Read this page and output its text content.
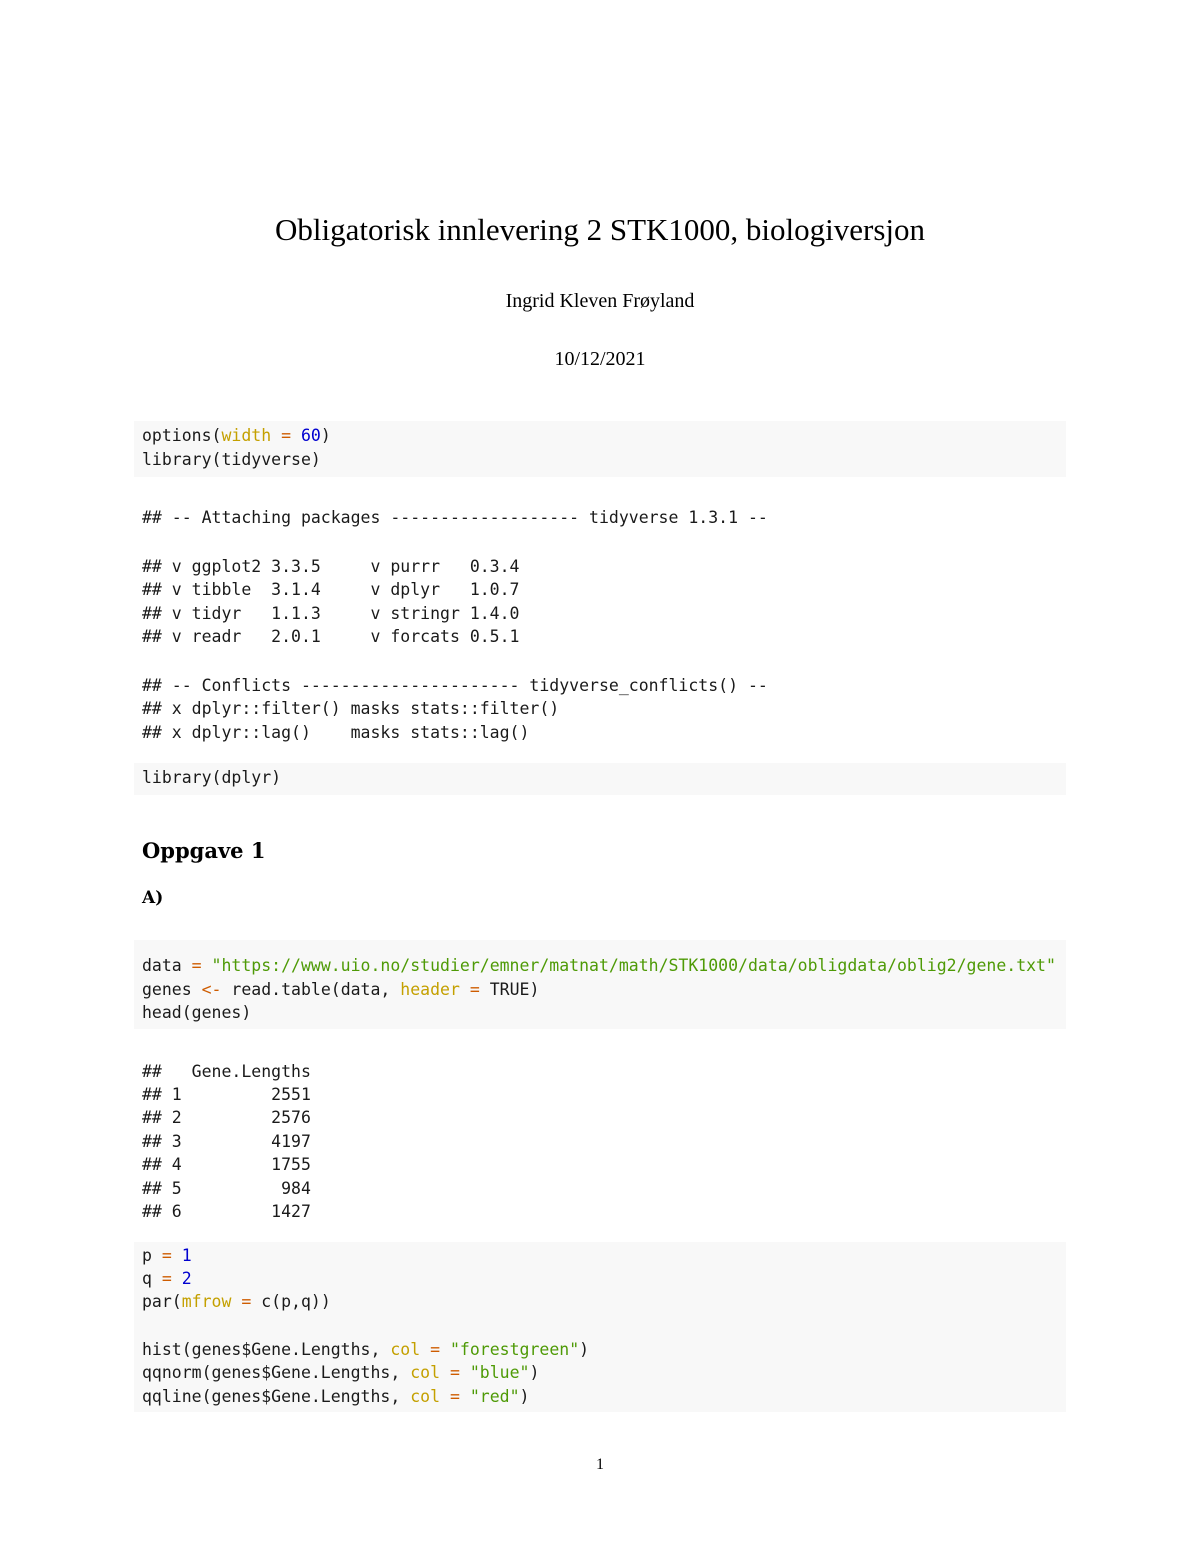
Obligatorisk innlevering 2 STK1000, biologiversjon
Ingrid Kleven Frøyland
10/12/2021
options(width = 60)
library(tidyverse)
## -- Attaching packages ------------------- tidyverse 1.3.1 --
## v ggplot2 3.3.5     v purrr   0.3.4
## v tibble  3.1.4     v dplyr   1.0.7
## v tidyr   1.1.3     v stringr 1.4.0
## v readr   2.0.1     v forcats 0.5.1
## -- Conflicts ---------------------- tidyverse_conflicts() --
## x dplyr::filter() masks stats::filter()
## x dplyr::lag()    masks stats::lag()
library(dplyr)
Oppgave 1
A)
data = "https://www.uio.no/studier/emner/matnat/math/STK1000/data/obligdata/oblig2/gene.txt"
genes <- read.table(data, header = TRUE)
head(genes)
##   Gene.Lengths
## 1         2551
## 2         2576
## 3         4197
## 4         1755
## 5          984
## 6         1427
p = 1
q = 2
par(mfrow = c(p,q))
hist(genes$Gene.Lengths, col = "forestgreen")
qqnorm(genes$Gene.Lengths, col = "blue")
qqline(genes$Gene.Lengths, col = "red")
1
